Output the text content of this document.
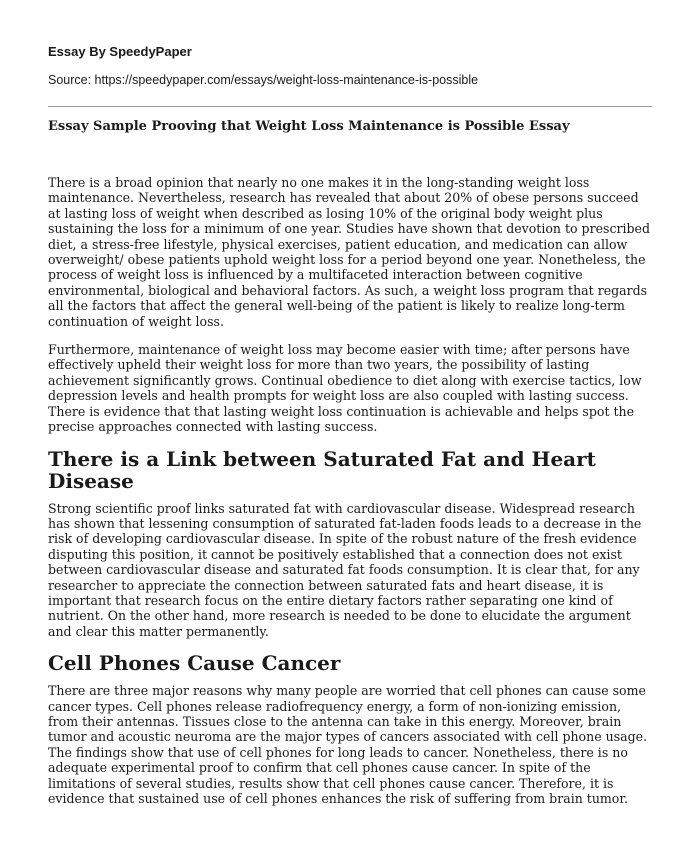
Essay By SpeedyPaper
Source: https://speedypaper.com/essays/weight-loss-maintenance-is-possible
Essay Sample Prooving that Weight Loss Maintenance is Possible Essay

There is a broad opinion that nearly no one makes it in the long-standing weight loss maintenance. Nevertheless, research has revealed that about 20% of obese persons succeed at lasting loss of weight when described as losing 10% of the original body weight plus sustaining the loss for a minimum of one year. Studies have shown that devotion to prescribed diet, a stress-free lifestyle, physical exercises, patient education, and medication can allow overweight/ obese patients uphold weight loss for a period beyond one year. Nonetheless, the process of weight loss is influenced by a multifaceted interaction between cognitive environmental, biological and behavioral factors. As such, a weight loss program that regards all the factors that affect the general well-being of the patient is likely to realize long-term continuation of weight loss.

Furthermore, maintenance of weight loss may become easier with time; after persons have effectively upheld their weight loss for more than two years, the possibility of lasting achievement significantly grows. Continual obedience to diet along with exercise tactics, low depression levels and health prompts for weight loss are also coupled with lasting success. There is evidence that that lasting weight loss continuation is achievable and helps spot the precise approaches connected with lasting success.

There is a Link between Saturated Fat and Heart Disease

Strong scientific proof links saturated fat with cardiovascular disease. Widespread research has shown that lessening consumption of saturated fat-laden foods leads to a decrease in the risk of developing cardiovascular disease. In spite of the robust nature of the fresh evidence disputing this position, it cannot be positively established that a connection does not exist between cardiovascular disease and saturated fat foods consumption. It is clear that, for any researcher to appreciate the connection between saturated fats and heart disease, it is important that research focus on the entire dietary factors rather separating one kind of nutrient. On the other hand, more research is needed to be done to elucidate the argument and clear this matter permanently.

Cell Phones Cause Cancer

There are three major reasons why many people are worried that cell phones can cause some cancer types. Cell phones release radiofrequency energy, a form of non-ionizing emission, from their antennas. Tissues close to the antenna can take in this energy. Moreover, brain tumor and acoustic neuroma are the major types of cancers associated with cell phone usage. The findings show that use of cell phones for long leads to cancer. Nonetheless, there is no adequate experimental proof to confirm that cell phones cause cancer. In spite of the limitations of several studies, results show that cell phones cause cancer. Therefore, it is evidence that sustained use of cell phones enhances the risk of suffering from brain tumor.
